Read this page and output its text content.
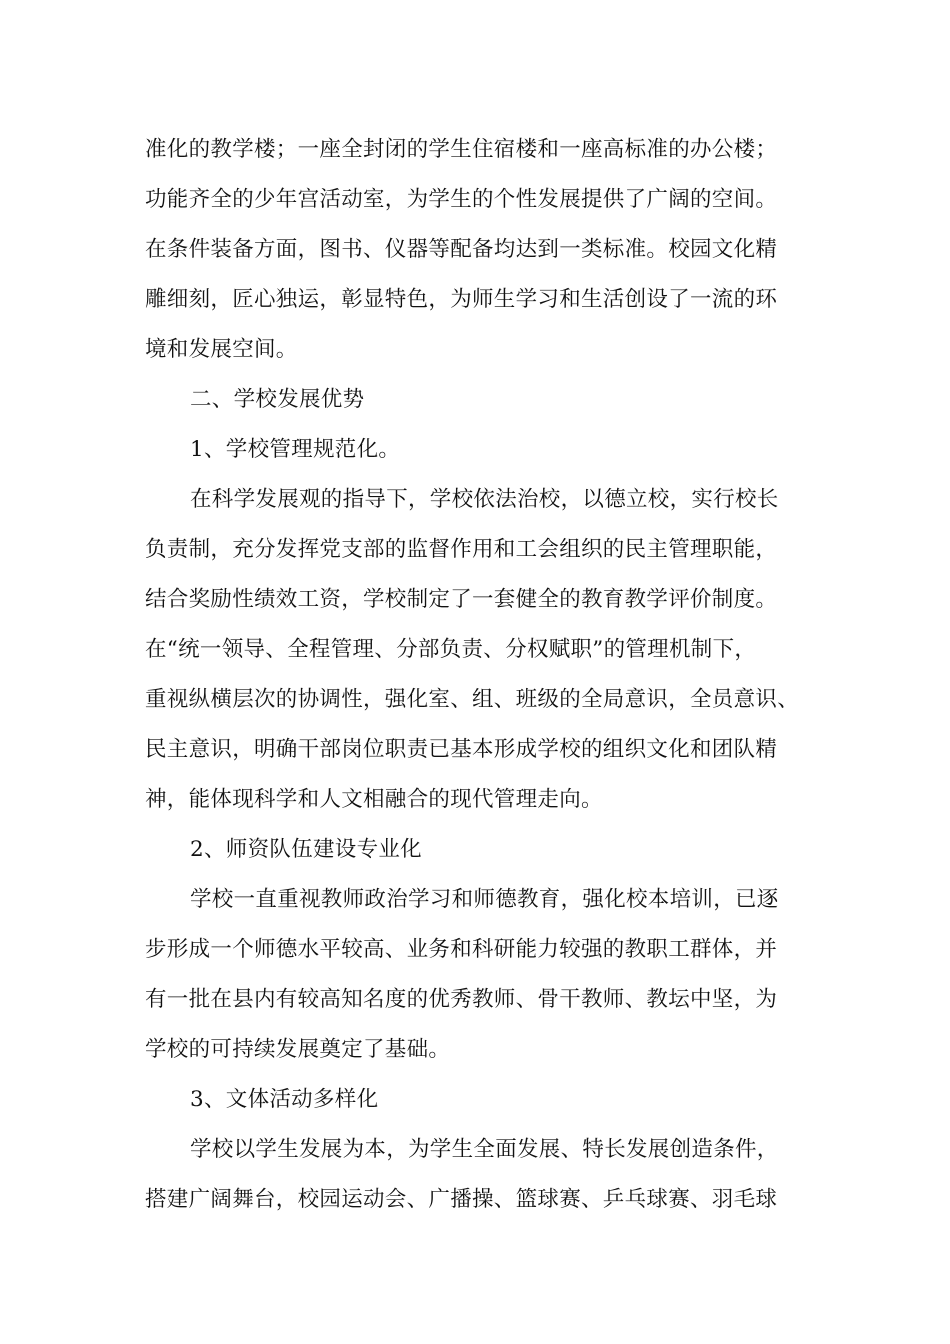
准化的教学楼；一座全封闭的学生住宿楼和一座高标准的办公楼；
功能齐全的少年宫活动室，为学生的个性发展提供了广阔的空间。
在条件装备方面，图书、仪器等配备均达到一类标准。校园文化精
雕细刻，匠心独运，彰显特色，为师生学习和生活创设了一流的环
境和发展空间。
二、学校发展优势
1、学校管理规范化。
在科学发展观的指导下，学校依法治校，以德立校，实行校长
负责制，充分发挥党支部的监督作用和工会组织的民主管理职能，
结合奖励性绩效工资，学校制定了一套健全的教育教学评价制度。
在“统一领导、全程管理、分部负责、分权赋职”的管理机制下，
重视纵横层次的协调性，强化室、组、班级的全局意识，全员意识、
民主意识，明确干部岗位职责已基本形成学校的组织文化和团队精
神，能体现科学和人文相融合的现代管理走向。
2、师资队伍建设专业化
学校一直重视教师政治学习和师德教育，强化校本培训，已逐
步形成一个师德水平较高、业务和科研能力较强的教职工群体，并
有一批在县内有较高知名度的优秀教师、骨干教师、教坛中坚，为
学校的可持续发展奠定了基础。
3、文体活动多样化
学校以学生发展为本，为学生全面发展、特长发展创造条件，
搭建广阔舞台，校园运动会、广播操、篮球赛、乒乓球赛、羽毛球
